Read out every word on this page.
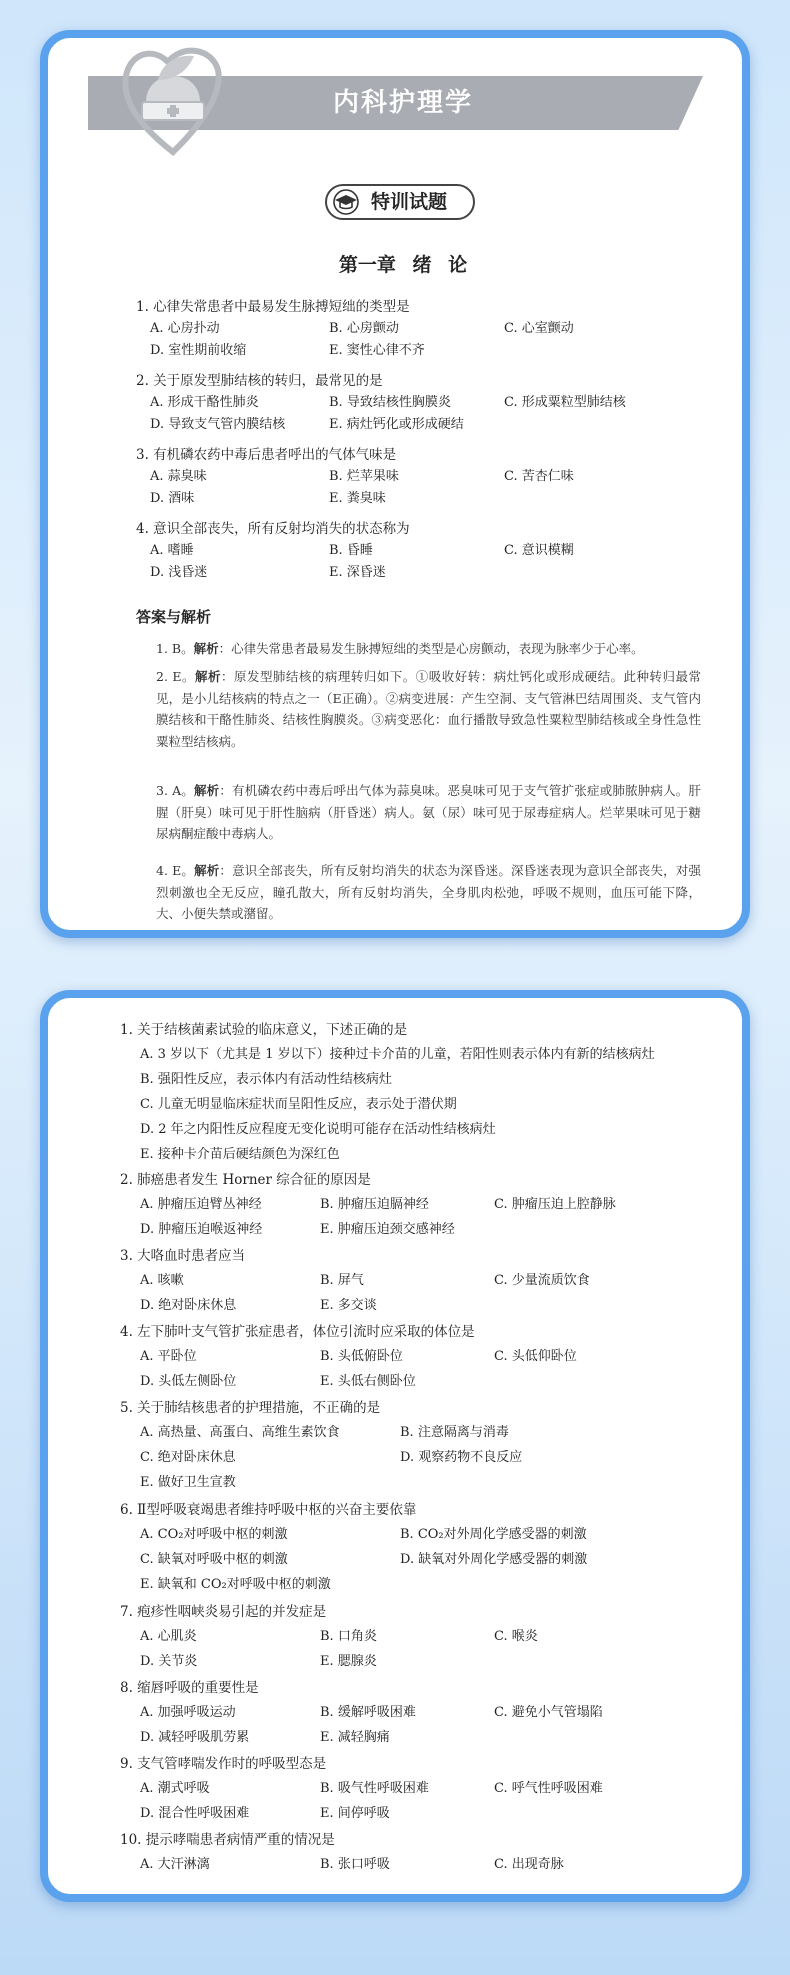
内科护理学
特训试题
第一章 绪 论
1. 心律失常患者中最易发生脉搏短绌的类型是
A. 心房扑动	B. 心房颤动	C. 心室颤动
D. 室性期前收缩	E. 窦性心律不齐
2. 关于原发型肺结核的转归，最常见的是
A. 形成干酪性肺炎	B. 导致结核性胸膜炎	C. 形成粟粒型肺结核
D. 导致支气管内膜结核	E. 病灶钙化或形成硬结
3. 有机磷农药中毒后患者呼出的气体气味是
A. 蒜臭味	B. 烂苹果味	C. 苦杏仁味
D. 酒味	E. 粪臭味
4. 意识全部丧失，所有反射均消失的状态称为
A. 嗜睡	B. 昏睡	C. 意识模糊
D. 浅昏迷	E. 深昏迷
答案与解析
1. B。解析：心律失常患者最易发生脉搏短绌的类型是心房颤动，表现为脉率少于心率。
2. E。解析：原发型肺结核的病理转归如下。①吸收好转：病灶钙化或形成硬结。此种转归最常见，是小儿结核病的特点之一（E正确）。②病变进展：产生空洞、支气管淋巴结周围炎、支气管内膜结核和干酪性肺炎、结核性胸膜炎。③病变恶化：血行播散导致急性粟粒型肺结核或全身性急性粟粒型结核病。
3. A。解析：有机磷农药中毒后呼出气体为蒜臭味。恶臭味可见于支气管扩张症或肺脓肿病人。肝腥（肝臭）味可见于肝性脑病（肝昏迷）病人。氨（尿）味可见于尿毒症病人。烂苹果味可见于糖尿病酮症酸中毒病人。
4. E。解析：意识全部丧失，所有反射均消失的状态为深昏迷。深昏迷表现为意识全部丧失，对强烈刺激也全无反应，瞳孔散大，所有反射均消失，全身肌肉松弛，呼吸不规则，血压可能下降，大、小便失禁或潴留。
1. 关于结核菌素试验的临床意义，下述正确的是
A. 3 岁以下（尤其是 1 岁以下）接种过卡介苗的儿童，若阳性则表示体内有新的结核病灶
B. 强阳性反应，表示体内有活动性结核病灶
C. 儿童无明显临床症状而呈阳性反应，表示处于潜伏期
D. 2 年之内阳性反应程度无变化说明可能存在活动性结核病灶
E. 接种卡介苗后硬结颜色为深红色
2. 肺癌患者发生 Horner 综合征的原因是
A. 肿瘤压迫臂丛神经	B. 肿瘤压迫膈神经	C. 肿瘤压迫上腔静脉
D. 肿瘤压迫喉返神经	E. 肿瘤压迫颈交感神经
3. 大咯血时患者应当
A. 咳嗽	B. 屏气	C. 少量流质饮食
D. 绝对卧床休息	E. 多交谈
4. 左下肺叶支气管扩张症患者，体位引流时应采取的体位是
A. 平卧位	B. 头低俯卧位	C. 头低仰卧位
D. 头低左侧卧位	E. 头低右侧卧位
5. 关于肺结核患者的护理措施，不正确的是
A. 高热量、高蛋白、高维生素饮食	B. 注意隔离与消毒
C. 绝对卧床休息	D. 观察药物不良反应
E. 做好卫生宣教
6. Ⅱ型呼吸衰竭患者维持呼吸中枢的兴奋主要依靠
A. CO₂对呼吸中枢的刺激	B. CO₂对外周化学感受器的刺激
C. 缺氧对呼吸中枢的刺激	D. 缺氧对外周化学感受器的刺激
E. 缺氧和 CO₂对呼吸中枢的刺激
7. 疱疹性咽峡炎易引起的并发症是
A. 心肌炎	B. 口角炎	C. 喉炎
D. 关节炎	E. 腮腺炎
8. 缩唇呼吸的重要性是
A. 加强呼吸运动	B. 缓解呼吸困难	C. 避免小气管塌陷
D. 减轻呼吸肌劳累	E. 减轻胸痛
9. 支气管哮喘发作时的呼吸型态是
A. 潮式呼吸	B. 吸气性呼吸困难	C. 呼气性呼吸困难
D. 混合性呼吸困难	E. 间停呼吸
10. 提示哮喘患者病情严重的情况是
A. 大汗淋漓	B. 张口呼吸	C. 出现奇脉
